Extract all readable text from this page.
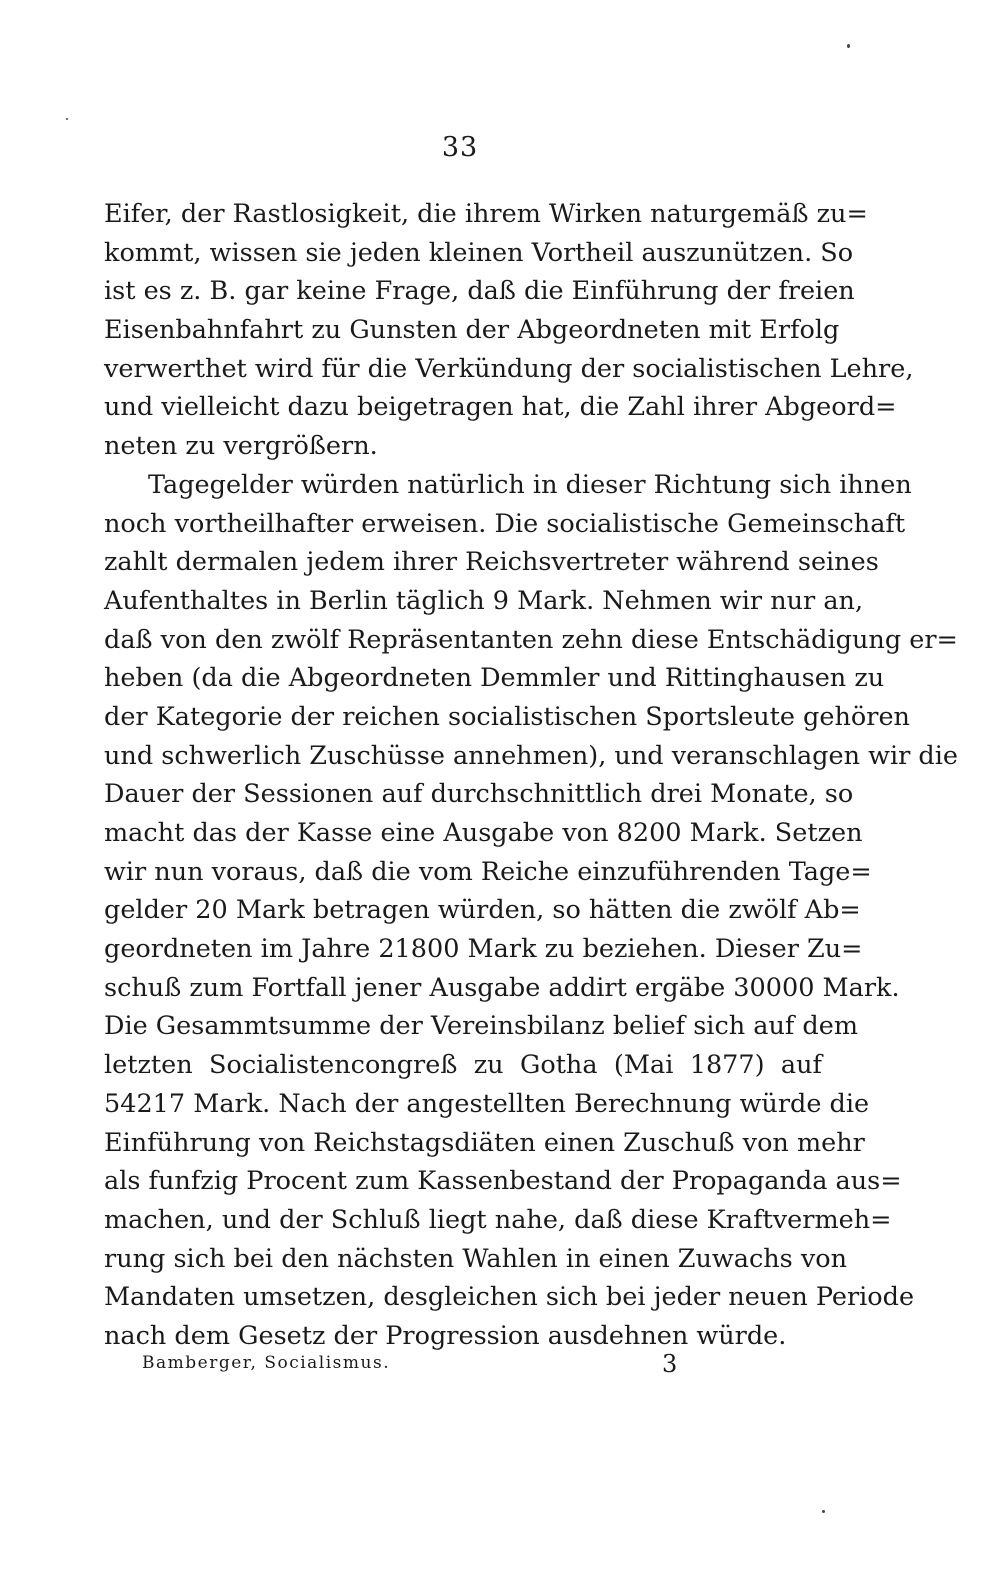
33
Eifer, der Rastlosigkeit, die ihrem Wirken naturgemäß zu=
kommt, wissen sie jeden kleinen Vortheil auszunützen. So
ist es z. B. gar keine Frage, daß die Einführung der freien
Eisenbahnfahrt zu Gunsten der Abgeordneten mit Erfolg
verwerthet wird für die Verkündung der socialistischen Lehre,
und vielleicht dazu beigetragen hat, die Zahl ihrer Abgeord=
neten zu vergrößern.
Tagegelder würden natürlich in dieser Richtung sich ihnen
noch vortheilhafter erweisen. Die socialistische Gemeinschaft
zahlt dermalen jedem ihrer Reichsvertreter während seines
Aufenthaltes in Berlin täglich 9 Mark. Nehmen wir nur an,
daß von den zwölf Repräsentanten zehn diese Entschädigung er=
heben (da die Abgeordneten Demmler und Rittinghausen zu
der Kategorie der reichen socialistischen Sportsleute gehören
und schwerlich Zuschüsse annehmen), und veranschlagen wir die
Dauer der Sessionen auf durchschnittlich drei Monate, so
macht das der Kasse eine Ausgabe von 8200 Mark. Setzen
wir nun voraus, daß die vom Reiche einzuführenden Tage=
gelder 20 Mark betragen würden, so hätten die zwölf Ab=
geordneten im Jahre 21800 Mark zu beziehen. Dieser Zu=
schuß zum Fortfall jener Ausgabe addirt ergäbe 30000 Mark.
Die Gesammtsumme der Vereinsbilanz belief sich auf dem
letzten Socialistencongreß zu Gotha (Mai 1877) auf
54217 Mark. Nach der angestellten Berechnung würde die
Einführung von Reichstagsdiäten einen Zuschuß von mehr
als funfzig Procent zum Kassenbestand der Propaganda aus=
machen, und der Schluß liegt nahe, daß diese Kraftvermeh=
rung sich bei den nächsten Wahlen in einen Zuwachs von
Mandaten umsetzen, desgleichen sich bei jeder neuen Periode
nach dem Gesetz der Progression ausdehnen würde.
Bamberger, Socialismus.	3
